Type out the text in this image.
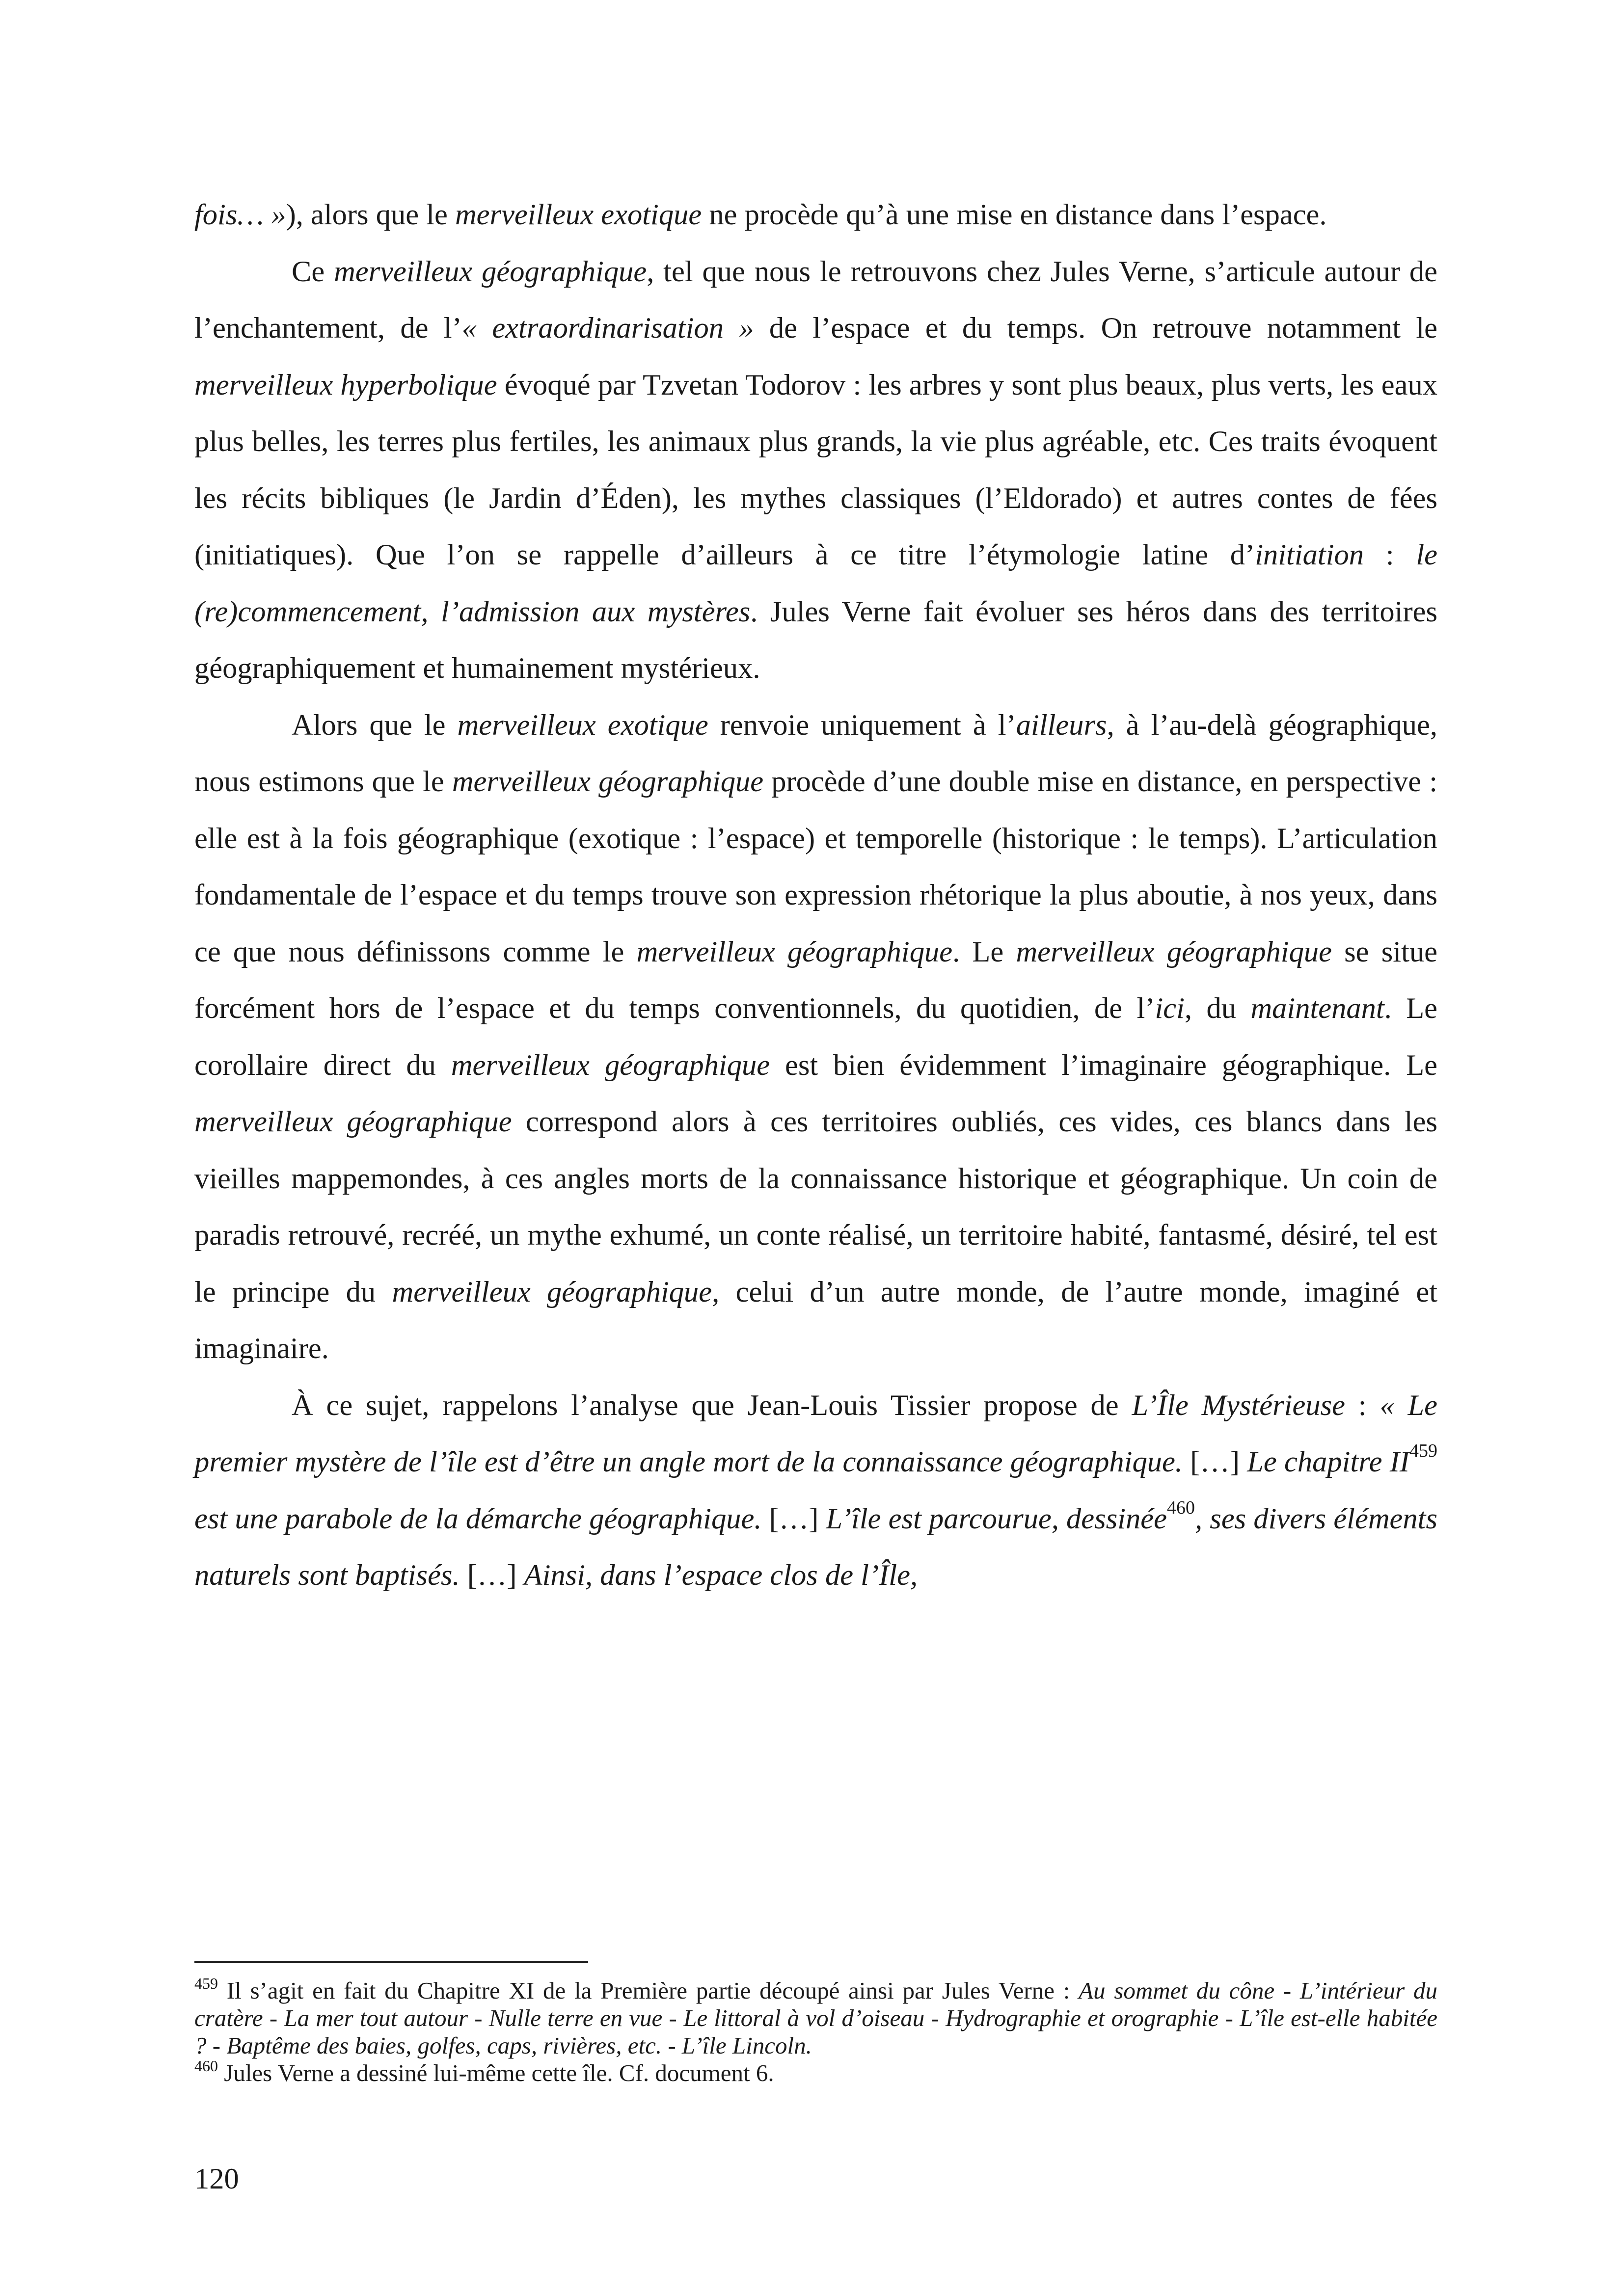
fois… »), alors que le merveilleux exotique ne procède qu’à une mise en distance dans l’espace.

Ce merveilleux géographique, tel que nous le retrouvons chez Jules Verne, s’articule autour de l’enchantement, de l’« extraordinarisation » de l’espace et du temps. On retrouve notamment le merveilleux hyperbolique évoqué par Tzvetan Todorov : les arbres y sont plus beaux, plus verts, les eaux plus belles, les terres plus fertiles, les animaux plus grands, la vie plus agréable, etc. Ces traits évoquent les récits bibliques (le Jardin d’Éden), les mythes classiques (l’Eldorado) et autres contes de fées (initiatiques). Que l’on se rappelle d’ailleurs à ce titre l’étymologie latine d’initiation : le (re)commencement, l’admission aux mystères. Jules Verne fait évoluer ses héros dans des territoires géographiquement et humainement mystérieux.

Alors que le merveilleux exotique renvoie uniquement à l’ailleurs, à l’au-delà géographique, nous estimons que le merveilleux géographique procède d’une double mise en distance, en perspective : elle est à la fois géographique (exotique : l’espace) et temporelle (historique : le temps). L’articulation fondamentale de l’espace et du temps trouve son expression rhétorique la plus aboutie, à nos yeux, dans ce que nous définissons comme le merveilleux géographique. Le merveilleux géographique se situe forcément hors de l’espace et du temps conventionnels, du quotidien, de l’ici, du maintenant. Le corollaire direct du merveilleux géographique est bien évidemment l’imaginaire géographique. Le merveilleux géographique correspond alors à ces territoires oubliés, ces vides, ces blancs dans les vieilles mappemondes, à ces angles morts de la connaissance historique et géographique. Un coin de paradis retrouvé, recréé, un mythe exhumé, un conte réalisé, un territoire habité, fantasmé, désiré, tel est le principe du merveilleux géographique, celui d’un autre monde, de l’autre monde, imaginé et imaginaire.

À ce sujet, rappelons l’analyse que Jean-Louis Tissier propose de L’Île Mystérieuse : « Le premier mystère de l’île est d’être un angle mort de la connaissance géographique. […] Le chapitre II$^{459}$ est une parabole de la démarche géographique. […] L’île est parcourue, dessinée$^{460}$, ses divers éléments naturels sont baptisés. […] Ainsi, dans l’espace clos de l’Île,

$^{459}$ Il s’agit en fait du Chapitre XI de la Première partie découpé ainsi par Jules Verne : Au sommet du cône - L’intérieur du cratère - La mer tout autour - Nulle terre en vue - Le littoral à vol d’oiseau - Hydrographie et orographie - L’île est-elle habitée ? - Baptême des baies, golfes, caps, rivières, etc. - L’île Lincoln.

$^{460}$ Jules Verne a dessiné lui-même cette île. Cf. document 6.

120
